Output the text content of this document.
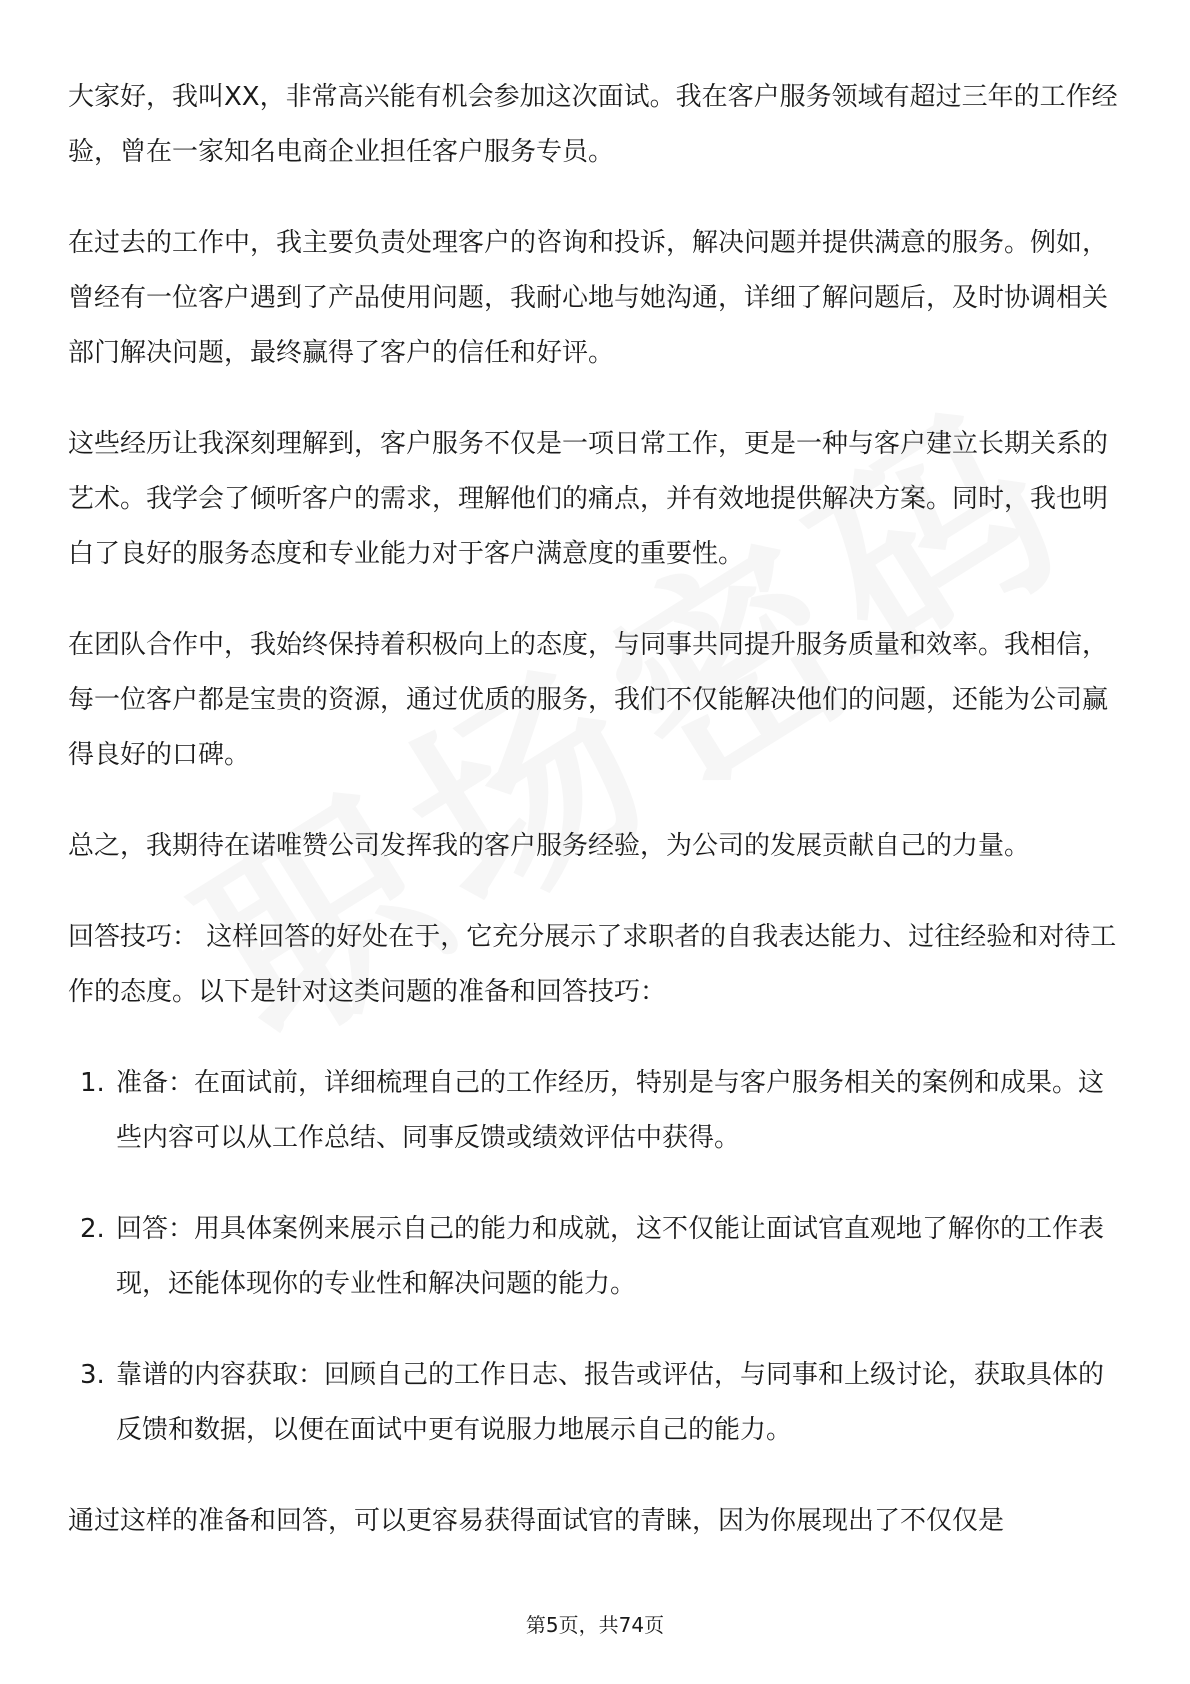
大家好，我叫XX，非常高兴能有机会参加这次面试。我在客户服务领域有超过三年的工作经验，曾在一家知名电商企业担任客户服务专员。

在过去的工作中，我主要负责处理客户的咨询和投诉，解决问题并提供满意的服务。例如，曾经有一位客户遇到了产品使用问题，我耐心地与她沟通，详细了解问题后，及时协调相关部门解决问题，最终赢得了客户的信任和好评。

这些经历让我深刻理解到，客户服务不仅是一项日常工作，更是一种与客户建立长期关系的艺术。我学会了倾听客户的需求，理解他们的痛点，并有效地提供解决方案。同时，我也明白了良好的服务态度和专业能力对于客户满意度的重要性。

在团队合作中，我始终保持着积极向上的态度，与同事共同提升服务质量和效率。我相信，每一位客户都是宝贵的资源，通过优质的服务，我们不仅能解决他们的问题，还能为公司赢得良好的口碑。

总之，我期待在诺唯赞公司发挥我的客户服务经验，为公司的发展贡献自己的力量。

回答技巧： 这样回答的好处在于，它充分展示了求职者的自我表达能力、过往经验和对待工作的态度。以下是针对这类问题的准备和回答技巧：

1. 准备：在面试前，详细梳理自己的工作经历，特别是与客户服务相关的案例和成果。这些内容可以从工作总结、同事反馈或绩效评估中获得。
2. 回答：用具体案例来展示自己的能力和成就，这不仅能让面试官直观地了解你的工作表现，还能体现你的专业性和解决问题的能力。
3. 靠谱的内容获取：回顾自己的工作日志、报告或评估，与同事和上级讨论，获取具体的反馈和数据，以便在面试中更有说服力地展示自己的能力。

通过这样的准备和回答，可以更容易获得面试官的青睐，因为你展现出了不仅仅是

第5页，共74页
